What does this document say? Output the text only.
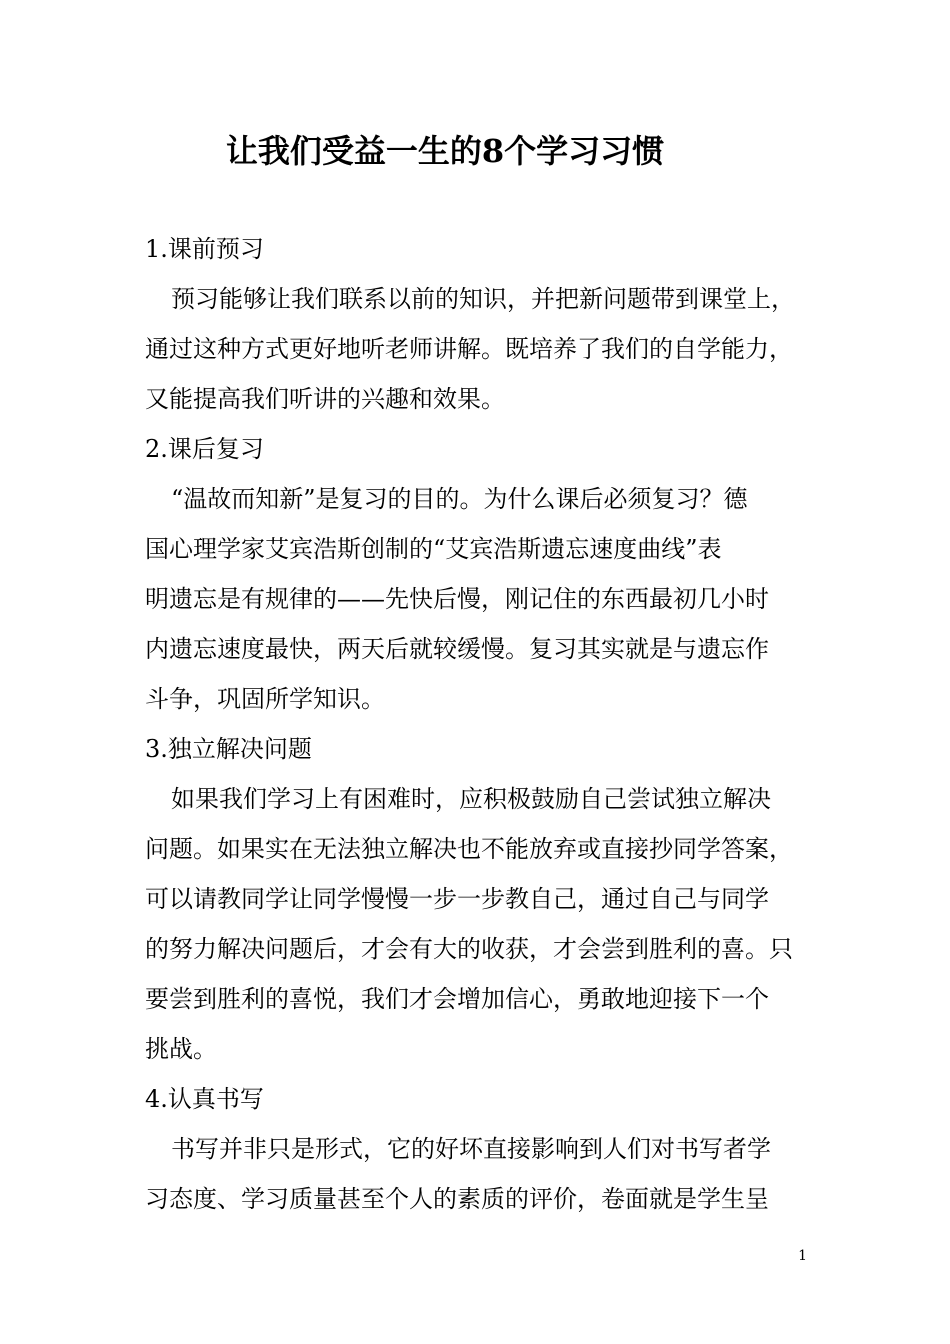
让我们受益一生的8个学习习惯
1.课前预习
预习能够让我们联系以前的知识，并把新问题带到课堂上，
通过这种方式更好地听老师讲解。既培养了我们的自学能力，
又能提高我们听讲的兴趣和效果。
2.课后复习
“温故而知新”是复习的目的。为什么课后必须复习？德
国心理学家艾宾浩斯创制的“艾宾浩斯遗忘速度曲线”表
明遗忘是有规律的——先快后慢，刚记住的东西最初几小时
内遗忘速度最快，两天后就较缓慢。复习其实就是与遗忘作
斗争，巩固所学知识。
3.独立解决问题
如果我们学习上有困难时，应积极鼓励自己尝试独立解决
问题。如果实在无法独立解决也不能放弃或直接抄同学答案，
可以请教同学让同学慢慢一步一步教自己，通过自己与同学
的努力解决问题后，才会有大的收获，才会尝到胜利的喜。只
要尝到胜利的喜悦，我们才会增加信心，勇敢地迎接下一个
挑战。
4.认真书写
书写并非只是形式，它的好坏直接影响到人们对书写者学
习态度、学习质量甚至个人的素质的评价，卷面就是学生呈
1
